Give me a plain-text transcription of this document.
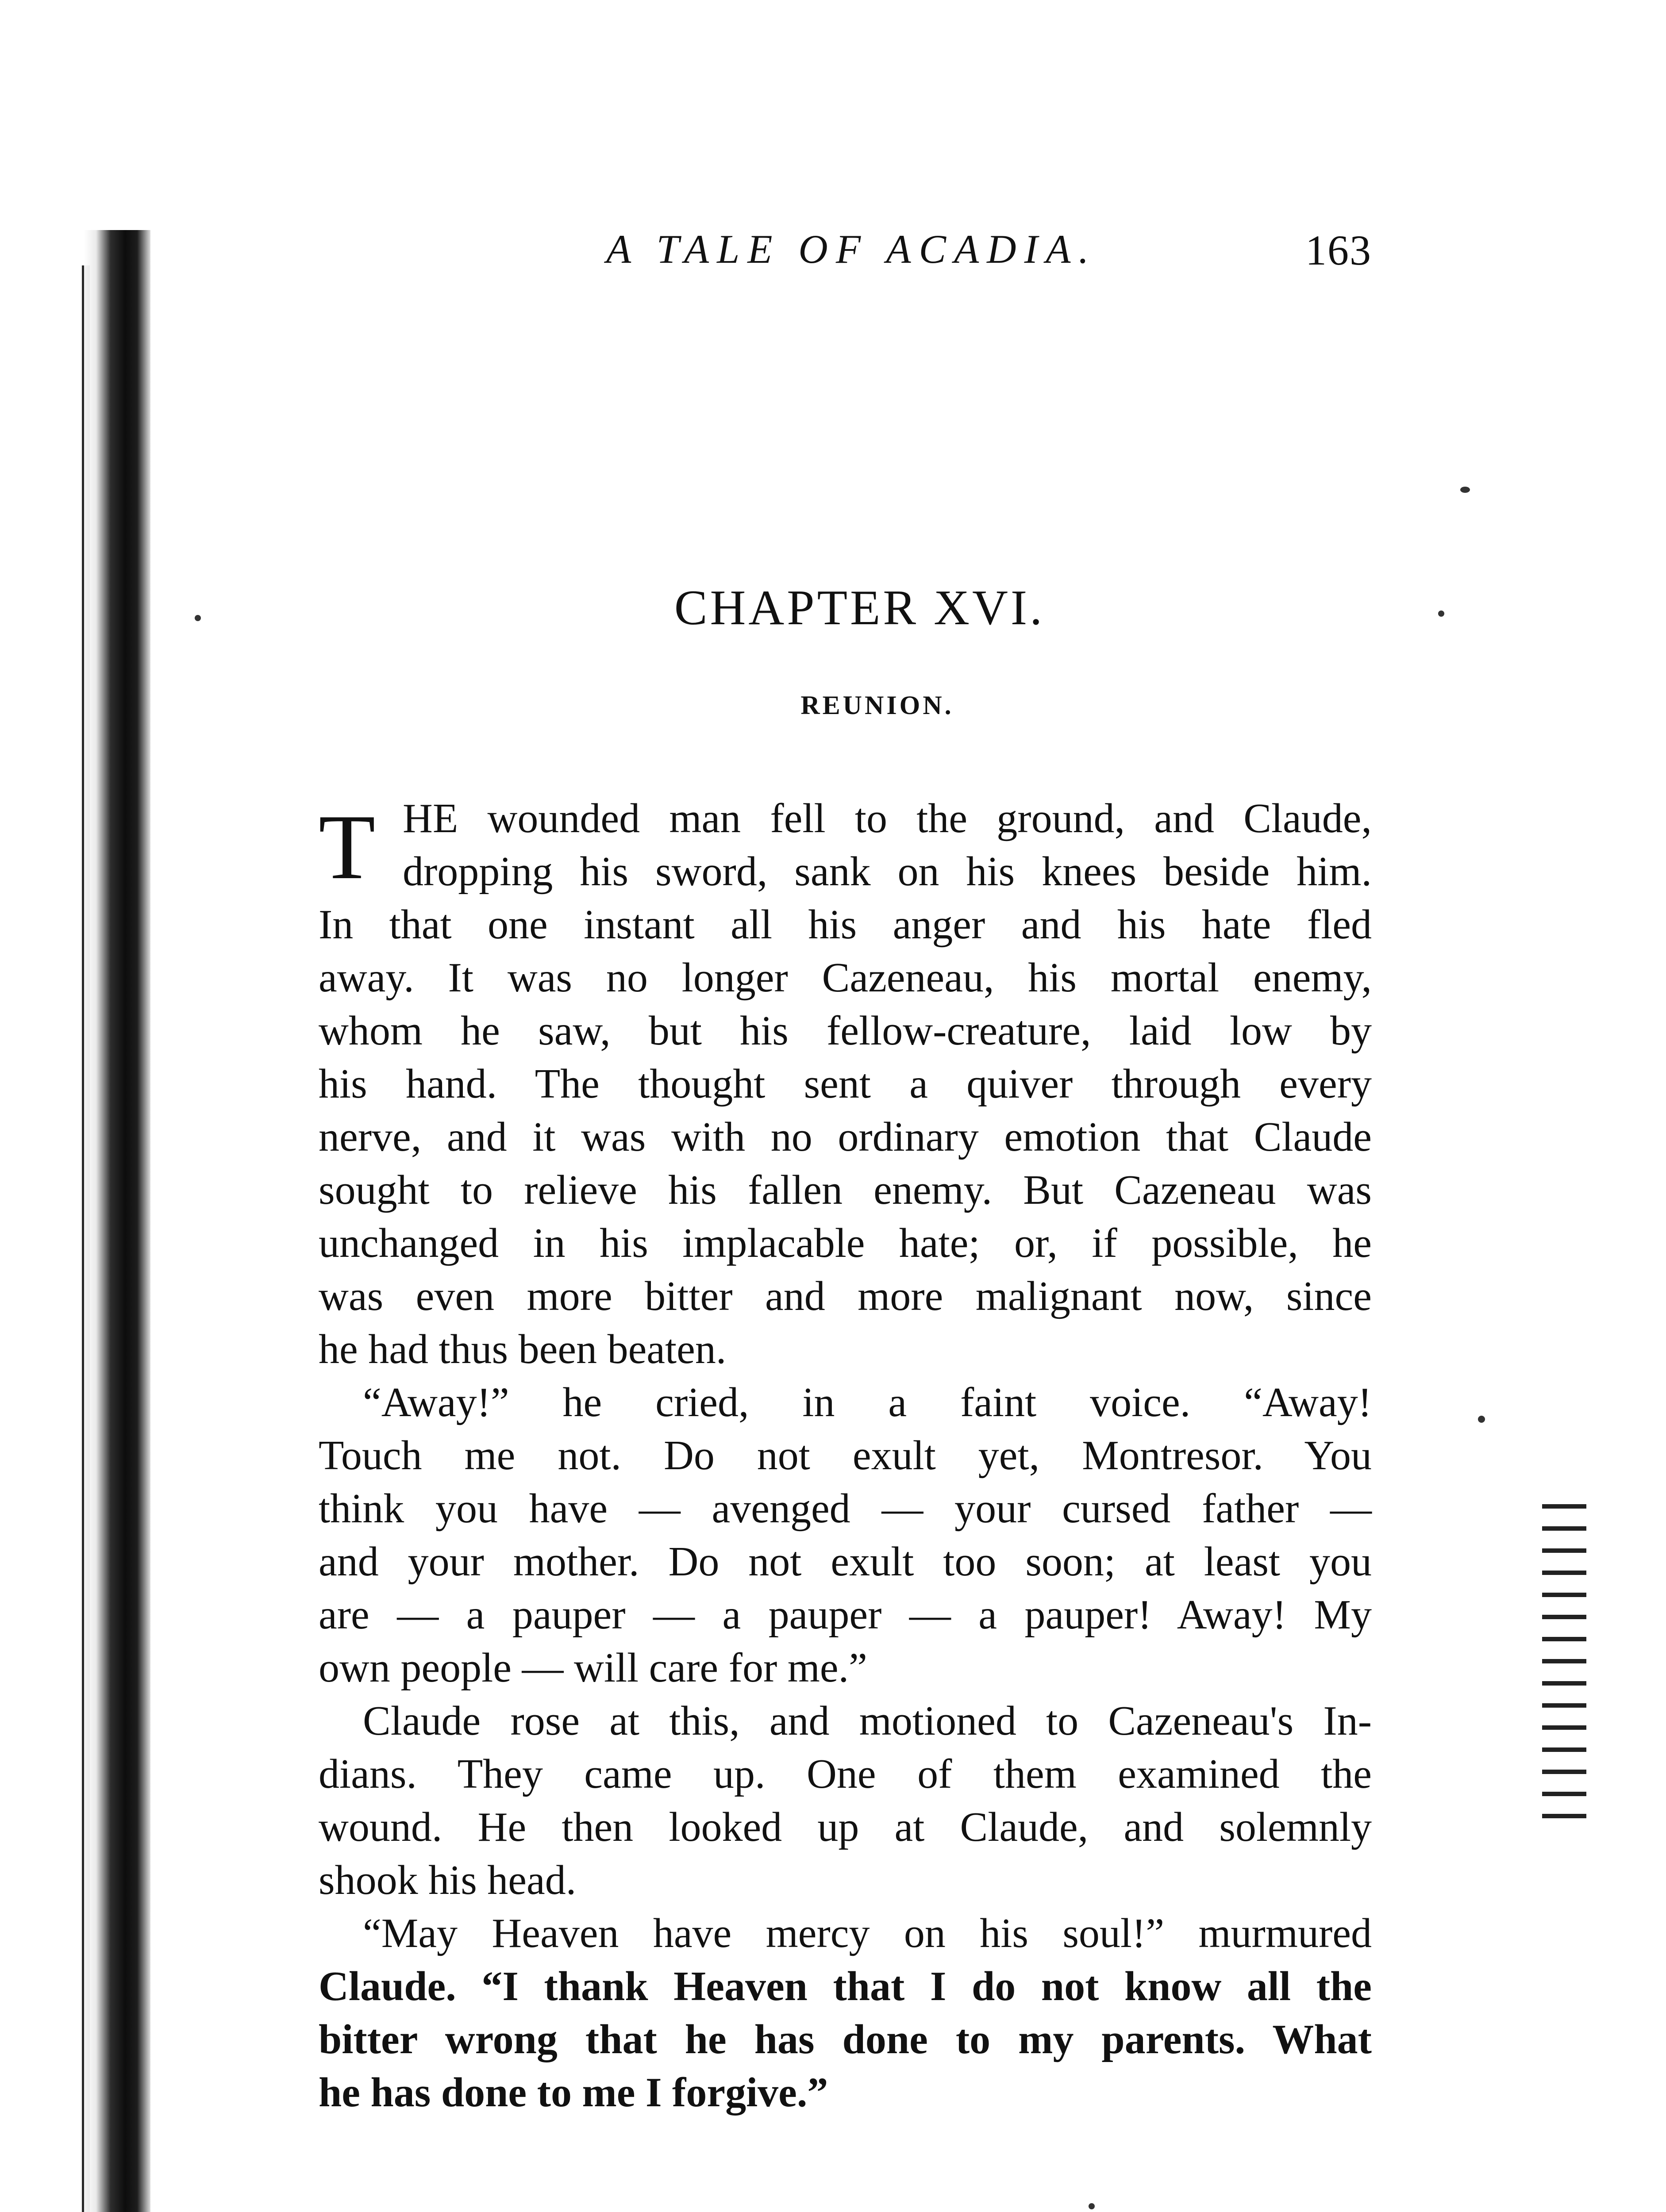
A TALE OF ACADIA.	163
CHAPTER XVI.
REUNION.
T HE wounded man fell to the ground, and Claude,
dropping his sword, sank on his knees beside him.
In that one instant all his anger and his hate fled
away. It was no longer Cazeneau, his mortal enemy,
whom he saw, but his fellow-creature, laid low by
his hand. The thought sent a quiver through every
nerve, and it was with no ordinary emotion that Claude
sought to relieve his fallen enemy. But Cazeneau was
unchanged in his implacable hate; or, if possible, he
was even more bitter and more malignant now, since
he had thus been beaten.
“Away!” he cried, in a faint voice. “Away!
Touch me not. Do not exult yet, Montresor. You
think you have — avenged — your cursed father —
and your mother. Do not exult too soon; at least you
are — a pauper — a pauper — a pauper! Away! My
own people — will care for me.”
Claude rose at this, and motioned to Cazeneau's In-
dians. They came up. One of them examined the
wound. He then looked up at Claude, and solemnly
shook his head.
“May Heaven have mercy on his soul!” murmured
Claude. “I thank Heaven that I do not know all the
bitter wrong that he has done to my parents. What
he has done to me I forgive.”
